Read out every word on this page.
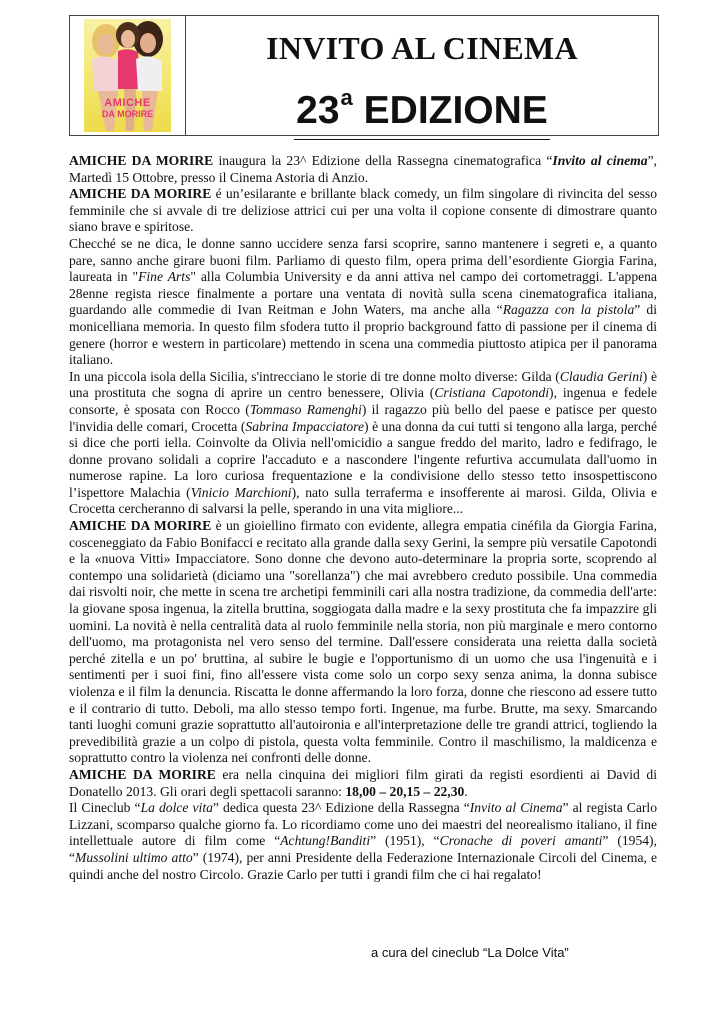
AMICHE
DA MORIRE
INVITO AL CINEMA
23$^a$ EDIZIONE

AMICHE DA MORIRE inaugura la 23^ Edizione della Rassegna cinematografica “Invito al cinema”, Martedì 15 Ottobre, presso il Cinema Astoria di Anzio.

AMICHE DA MORIRE é un’esilarante e brillante black comedy, un film singolare di rivincita del sesso femminile che si avvale di tre deliziose attrici cui per una volta il copione consente di dimostrare quanto siano brave e spiritose.

Checché se ne dica, le donne sanno uccidere senza farsi scoprire, sanno mantenere i segreti e, a quanto pare, sanno anche girare buoni film. Parliamo di questo film, opera prima dell’esordiente Giorgia Farina, laureata in "Fine Arts" alla Columbia University e da anni attiva nel campo dei cortometraggi. L'appena 28enne regista riesce finalmente a portare una ventata di novità sulla scena cinematografica italiana, guardando alle commedie di Ivan Reitman e John Waters, ma anche alla “Ragazza con la pistola” di monicelliana memoria. In questo film sfodera tutto il proprio background fatto di passione per il cinema di genere (horror e western in particolare) mettendo in scena una commedia piuttosto atipica per il panorama italiano.

In una piccola isola della Sicilia, s'intrecciano le storie di tre donne molto diverse: Gilda (Claudia Gerini) è una prostituta che sogna di aprire un centro benessere, Olivia (Cristiana Capotondi), ingenua e fedele consorte, è sposata con Rocco (Tommaso Ramenghi) il ragazzo più bello del paese e patisce per questo l'invidia delle comari, Crocetta (Sabrina Impacciatore) è una donna da cui tutti si tengono alla larga, perché si dice che porti iella. Coinvolte da Olivia nell'omicidio a sangue freddo del marito, ladro e fedifrago, le donne provano solidali a coprire l'accaduto e a nascondere l'ingente refurtiva accumulata dall'uomo in numerose rapine. La loro curiosa frequentazione e la condivisione dello stesso tetto insospettiscono l’ispettore Malachia (Vinicio Marchioni), nato sulla terraferma e insofferente ai marosi. Gilda, Olivia e Crocetta cercheranno di salvarsi la pelle, sperando in una vita migliore...

AMICHE DA MORIRE è un gioiellino firmato con evidente, allegra empatia cinéfila da Giorgia Farina, cosceneggiato da Fabio Bonifacci e recitato alla grande dalla sexy Gerini, la sempre più versatile Capotondi e la «nuova Vitti» Impacciatore. Sono donne che devono auto-determinare la propria sorte, scoprendo al contempo una solidarietà (diciamo una "sorellanza") che mai avrebbero creduto possibile. Una commedia dai risvolti noir, che mette in scena tre archetipi femminili cari alla nostra tradizione, da commedia dell'arte: la giovane sposa ingenua, la zitella bruttina, soggiogata dalla madre e la sexy prostituta che fa impazzire gli uomini. La novità è nella centralità data al ruolo femminile nella storia, non più marginale e mero contorno dell'uomo, ma protagonista nel vero senso del termine. Dall'essere considerata una reietta dalla società perché zitella e un po' bruttina, al subire le bugie e l'opportunismo di un uomo che usa l'ingenuità e i sentimenti per i suoi fini, fino all'essere vista come solo un corpo sexy senza anima, la donna subisce violenza e il film la denuncia. Riscatta le donne affermando la loro forza, donne che riescono ad essere tutto e il contrario di tutto. Deboli, ma allo stesso tempo forti. Ingenue, ma furbe. Brutte, ma sexy. Smarcando tanti luoghi comuni grazie soprattutto all'autoironia e all'interpretazione delle tre grandi attrici, togliendo la prevedibilità grazie a un colpo di pistola, questa volta femminile. Contro il maschilismo, la maldicenza e soprattutto contro la violenza nei confronti delle donne.

AMICHE DA MORIRE era nella cinquina dei migliori film girati da registi esordienti ai David di Donatello 2013. Gli orari degli spettacoli saranno: 18,00 – 20,15 – 22,30.

Il Cineclub “La dolce vita” dedica questa 23^ Edizione della Rassegna “Invito al Cinema” al regista Carlo Lizzani, scomparso qualche giorno fa. Lo ricordiamo come uno dei maestri del neorealismo italiano, il fine intellettuale autore di film come “Achtung!Banditi” (1951), “Cronache di poveri amanti” (1954), “Mussolini ultimo atto” (1974), per anni Presidente della Federazione Internazionale Circoli del Cinema, e quindi anche del nostro Circolo. Grazie Carlo per tutti i grandi film che ci hai regalato!

a cura del cineclub “La Dolce Vita”
